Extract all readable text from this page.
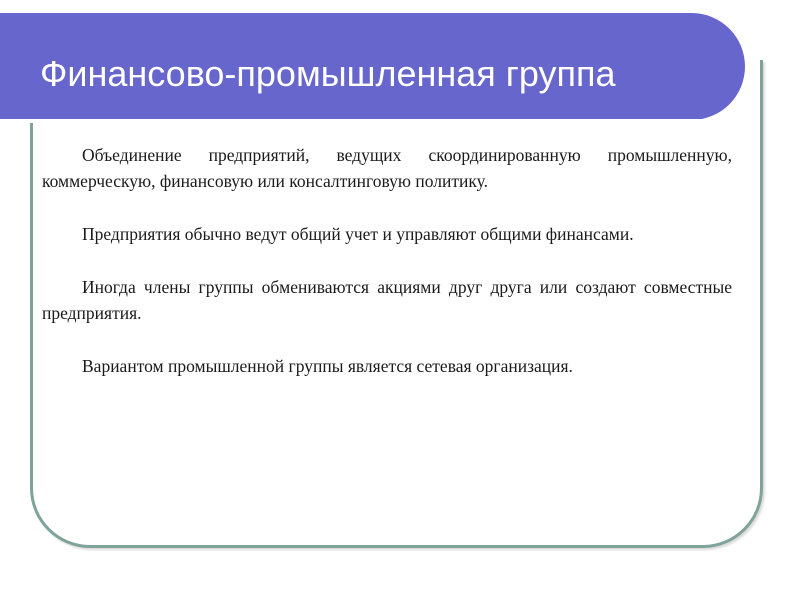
Финансово-промышленная группа

Объединение предприятий, ведущих скоординированную промышленную, коммерческую, финансовую или консалтинговую политику.

Предприятия обычно ведут общий учет и управляют общими финансами.

Иногда члены группы обмениваются акциями друг друга или создают совместные предприятия.

Вариантом промышленной группы является сетевая организация.
